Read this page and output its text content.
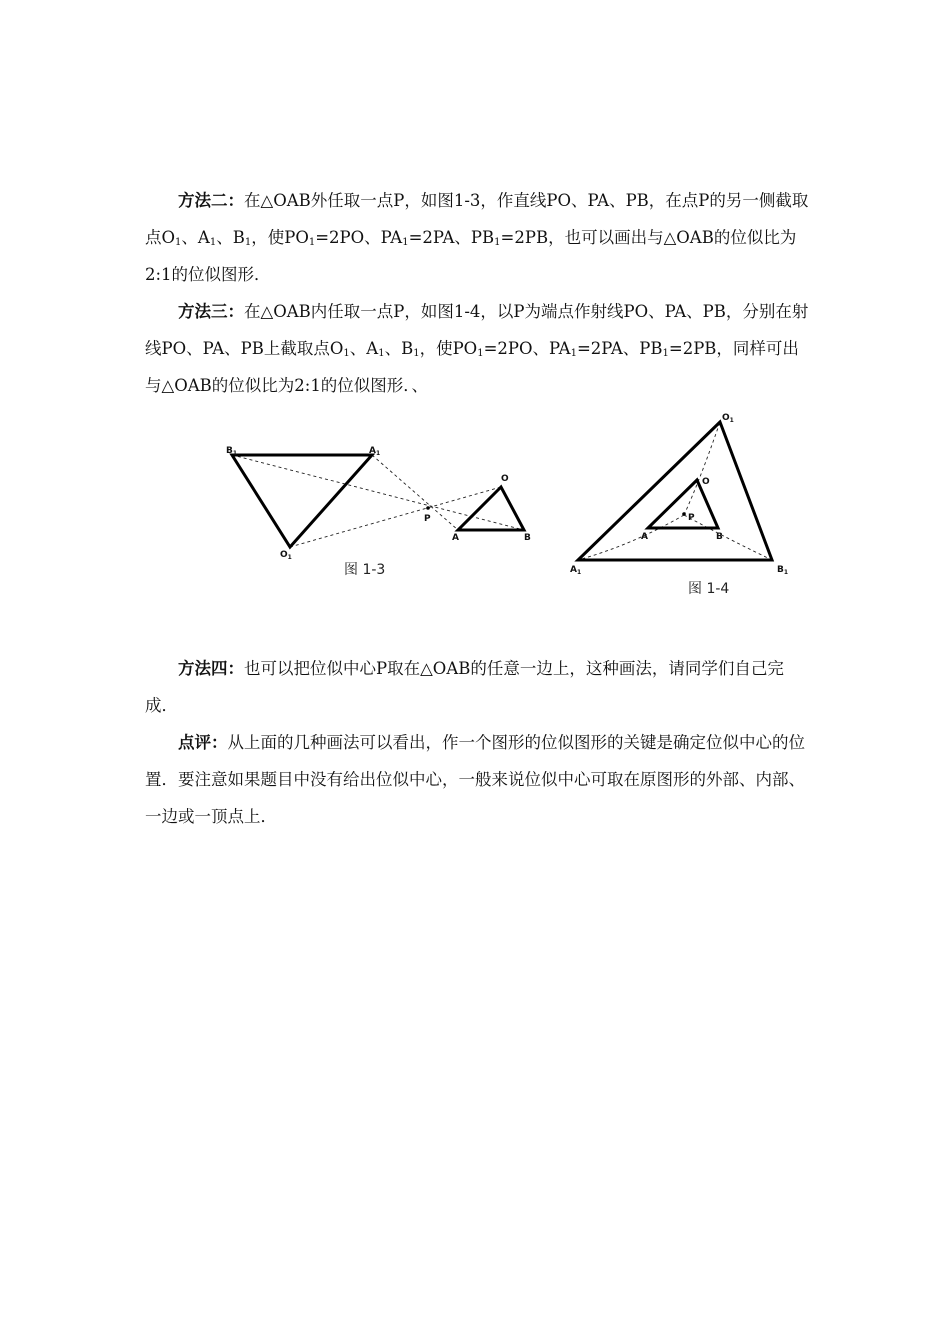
方法二：在△OAB外任取一点P，如图1-3，作直线PO、PA、PB，在点P的另一侧截取点$O_1$、$A_1$、$B_1$，使$PO_1=2PO$、$PA_1=2PA$、$PB_1=2PB$，也可以画出与△OAB的位似比为2:1的位似图形．

方法三：在△OAB内任取一点P，如图1-4，以P为端点作射线PO、PA、PB，分别在射线PO、PA、PB上截取点$O_1$、$A_1$、$B_1$，使$PO_1=2PO$、$PA_1=2PA$、$PB_1=2PB$，同样可出与△OAB的位似比为2:1的位似图形．、

$B_1$	$A_1$
$O_1$
P
O
A	B
图 1-3
$O_1$
$A_1$	$B_1$
O
P
A	B
图 1-4

方法四：也可以把位似中心P取在△OAB的任意一边上，这种画法，请同学们自己完成．

点评：从上面的几种画法可以看出，作一个图形的位似图形的关键是确定位似中心的位置．要注意如果题目中没有给出位似中心，一般来说位似中心可取在原图形的外部、内部、一边或一顶点上．
